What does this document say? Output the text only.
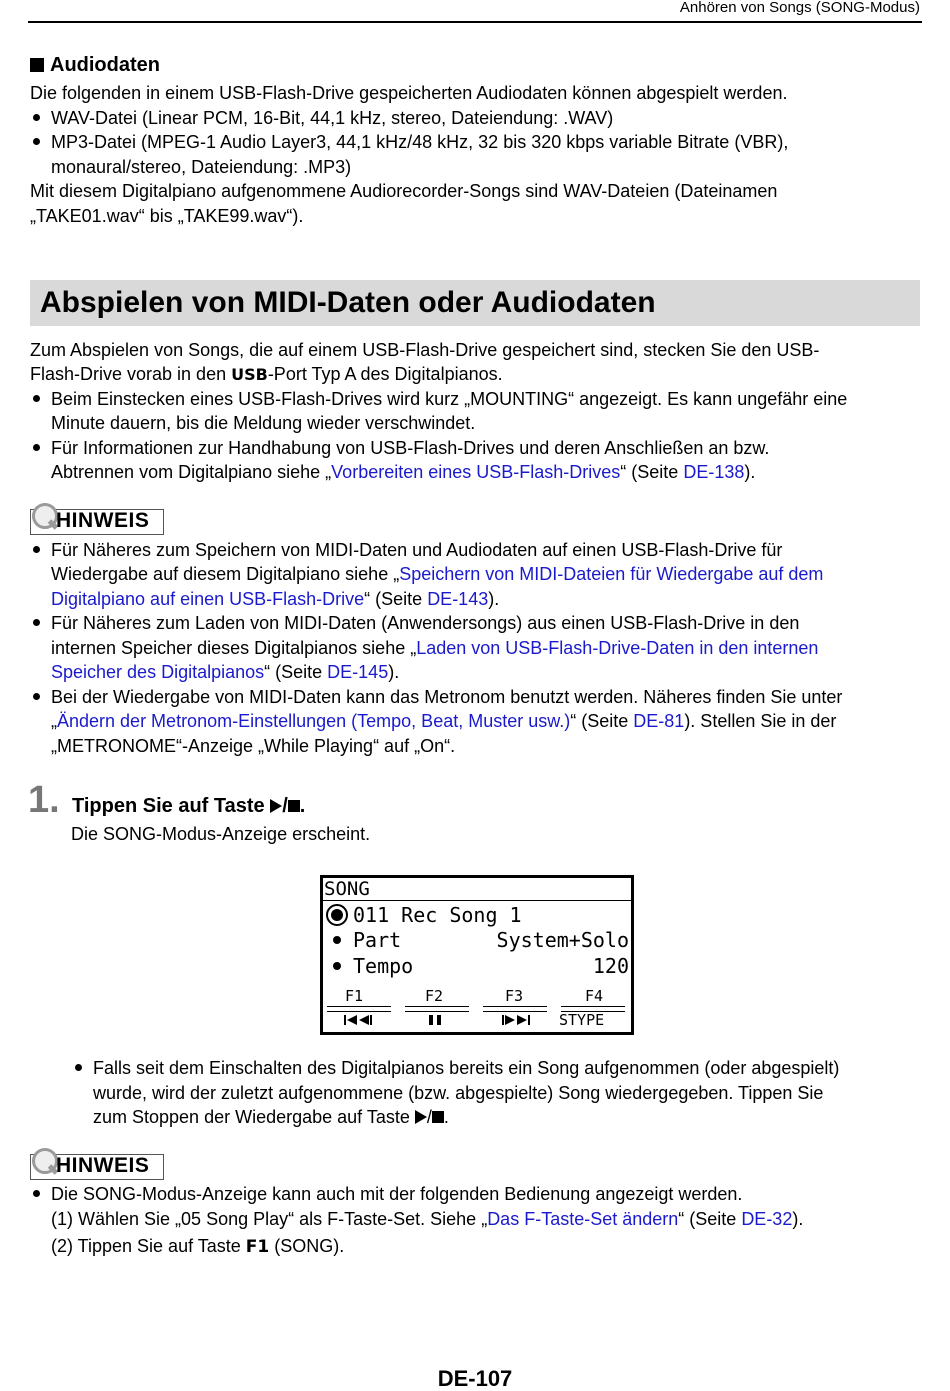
Anhören von Songs (SONG-Modus)
Audiodaten
Die folgenden in einem USB-Flash-Drive gespeicherten Audiodaten können abgespielt werden.
WAV-Datei (Linear PCM, 16-Bit, 44,1 kHz, stereo, Dateiendung: .WAV)
MP3-Datei (MPEG-1 Audio Layer3, 44,1 kHz/48 kHz, 32 bis 320 kbps variable Bitrate (VBR),
monaural/stereo, Dateiendung: .MP3)
Mit diesem Digitalpiano aufgenommene Audiorecorder-Songs sind WAV-Dateien (Dateinamen
„TAKE01.wav“ bis „TAKE99.wav“).
Abspielen von MIDI-Daten oder Audiodaten
Zum Abspielen von Songs, die auf einem USB-Flash-Drive gespeichert sind, stecken Sie den USB-
Flash-Drive vorab in den USB-Port Typ A des Digitalpianos.
Beim Einstecken eines USB-Flash-Drives wird kurz „MOUNTING“ angezeigt. Es kann ungefähr eine
Minute dauern, bis die Meldung wieder verschwindet.
Für Informationen zur Handhabung von USB-Flash-Drives und deren Anschließen an bzw.
Abtrennen vom Digitalpiano siehe „Vorbereiten eines USB-Flash-Drives“ (Seite DE-138).
HINWEIS
Für Näheres zum Speichern von MIDI-Daten und Audiodaten auf einen USB-Flash-Drive für
Wiedergabe auf diesem Digitalpiano siehe „Speichern von MIDI-Dateien für Wiedergabe auf dem
Digitalpiano auf einen USB-Flash-Drive“ (Seite DE-143).
Für Näheres zum Laden von MIDI-Daten (Anwendersongs) aus einen USB-Flash-Drive in den
internen Speicher dieses Digitalpianos siehe „Laden von USB-Flash-Drive-Daten in den internen
Speicher des Digitalpianos“ (Seite DE-145).
Bei der Wiedergabe von MIDI-Daten kann das Metronom benutzt werden. Näheres finden Sie unter
„Ändern der Metronom-Einstellungen (Tempo, Beat, Muster usw.)“ (Seite DE-81). Stellen Sie in der
„METRONOME“-Anzeige „While Playing“ auf „On“.
1. Tippen Sie auf Taste / .
Die SONG-Modus-Anzeige erscheint.
SONG
011 Rec Song 1
Part	System+Solo
Tempo	120
F1	F2	F3	F4
STYPE
Falls seit dem Einschalten des Digitalpianos bereits ein Song aufgenommen (oder abgespielt)
wurde, wird der zuletzt aufgenommene (bzw. abgespielte) Song wiedergegeben. Tippen Sie
zum Stoppen der Wiedergabe auf Taste / .
HINWEIS
Die SONG-Modus-Anzeige kann auch mit der folgenden Bedienung angezeigt werden.
(1) Wählen Sie „05 Song Play“ als F-Taste-Set. Siehe „Das F-Taste-Set ändern“ (Seite DE-32).
(2) Tippen Sie auf Taste F1 (SONG).
DE-107
